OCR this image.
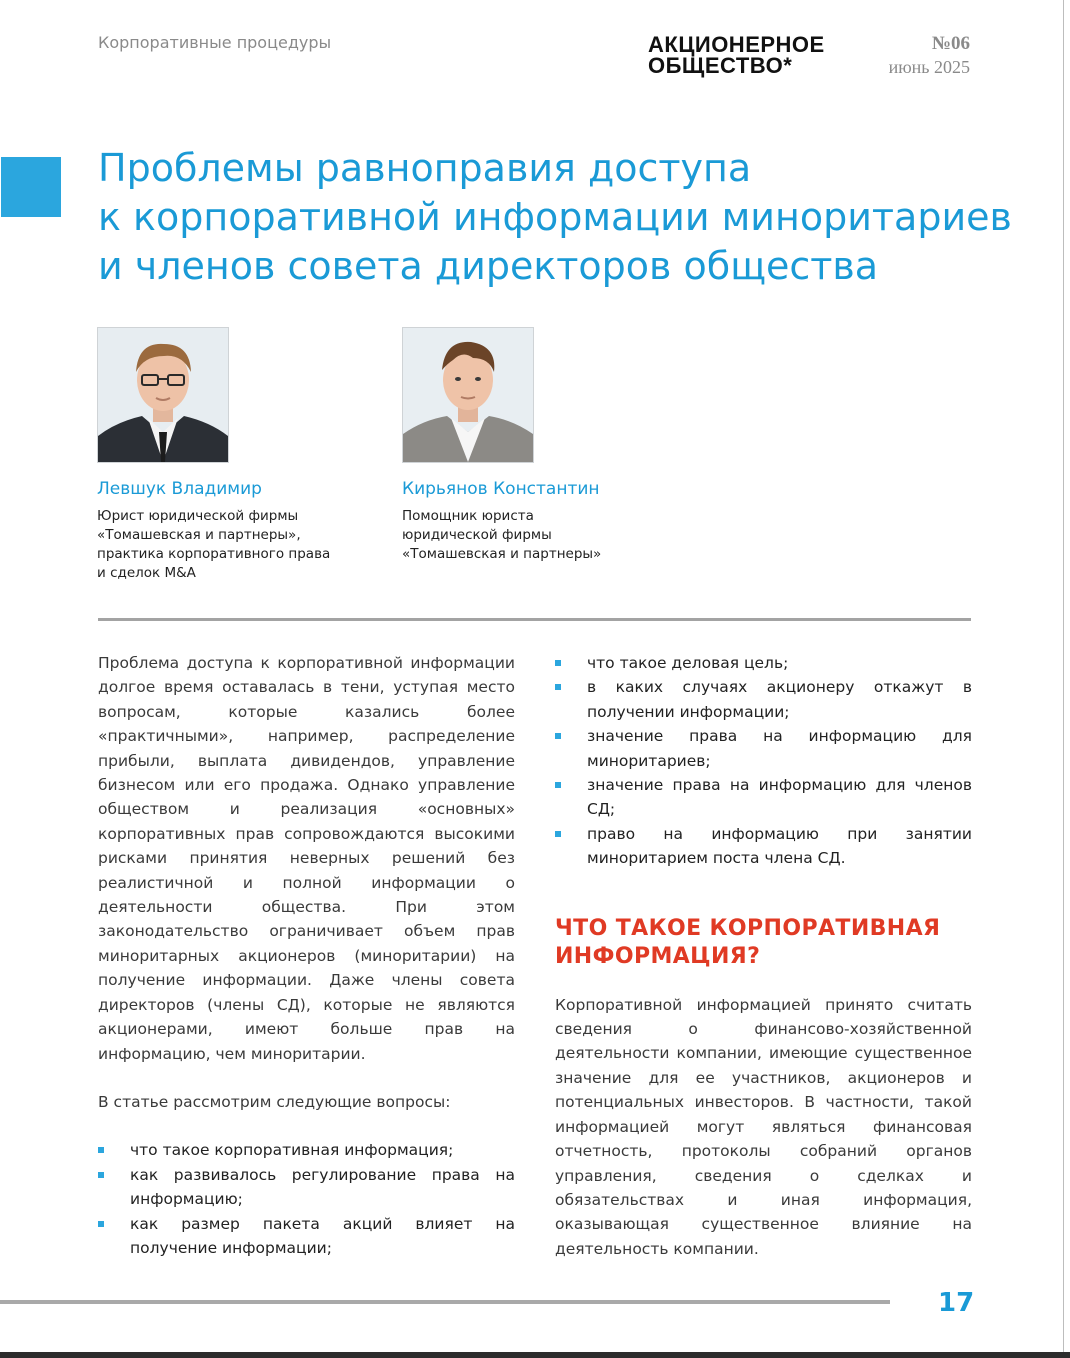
Корпоративные процедуры	АКЦИОНЕРНОЕ
ОБЩЕСТВО*
№06
июнь 2025
Проблемы равноправия доступа
к корпоративной информации миноритариев
и членов совета директоров общества
Левшук Владимир
Юрист юридической фирмы
«Томашевская и партнеры»,
практика корпоративного права
и сделок M&A
Кирьянов Константин
Помощник юриста
юридической фирмы
«Томашевская и партнеры»

Проблема доступа к корпоративной информации долгое время оставалась в тени, уступая место вопросам, которые казались более «практичными», например, распределение прибыли, выплата дивидендов, управление бизнесом или его продажа. Однако управление обществом и реализация «основных» корпоративных прав сопровождаются высокими рисками принятия неверных решений без реалистичной и полной информации о деятельности общества. При этом законодательство ограничивает объем прав миноритарных акционеров (миноритарии) на получение информации. Даже члены совета директоров (члены СД), которые не являются акционерами, имеют больше прав на информацию, чем миноритарии.

В статье рассмотрим следующие вопросы:

что такое корпоративная информация;
как развивалось регулирование права на информацию;
как размер пакета акций влияет на получение информации;
что такое деловая цель;
в каких случаях акционеру откажут в получении информации;
значение права на информацию для миноритариев;
значение права на информацию для членов СД;
право на информацию при занятии миноритарием поста члена СД.
ЧТО ТАКОЕ КОРПОРАТИВНАЯ ИНФОРМАЦИЯ?

Корпоративной информацией принято считать сведения о финансово-хозяйственной деятельности компании, имеющие существенное значение для ее участников, акционеров и потенциальных инвесторов. В частности, такой информацией могут являться финансовая отчетность, протоколы собраний органов управления, сведения о сделках и обязательствах и иная информация, оказывающая существенное влияние на деятельность компании.

17
